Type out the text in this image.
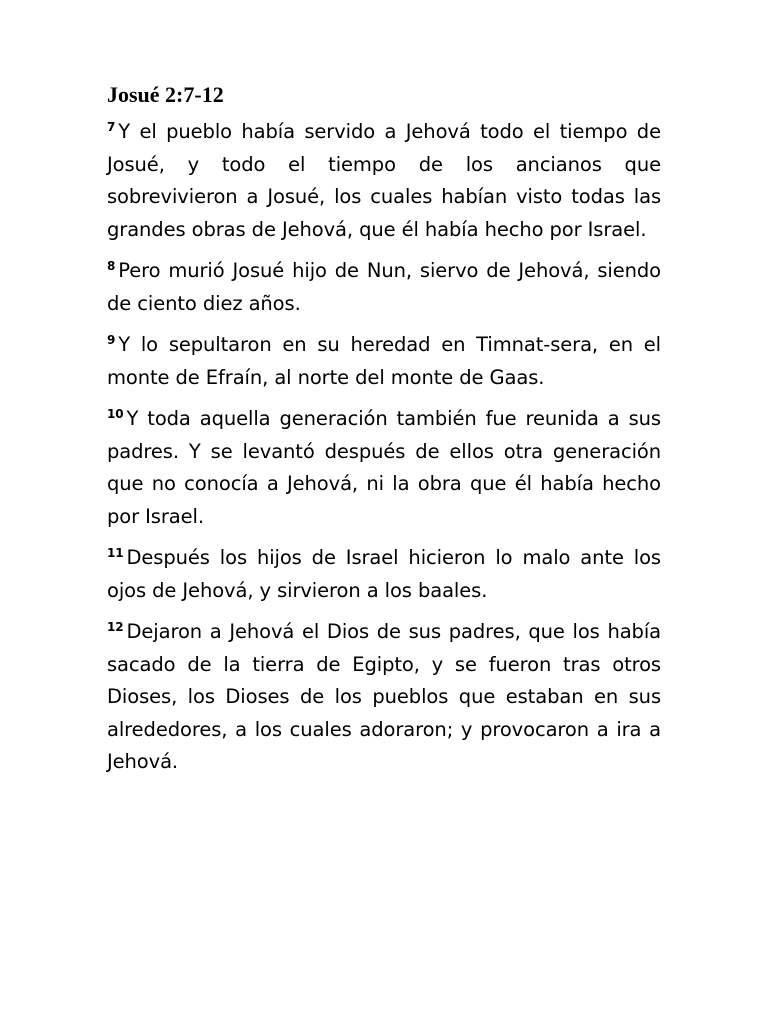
Josué 2:7-12

$^7$ Y el pueblo había servido a Jehová todo el tiempo de Josué, y todo el tiempo de los ancianos que sobrevivieron a Josué, los cuales habían visto todas las grandes obras de Jehová, que él había hecho por Israel.

$^8$ Pero murió Josué hijo de Nun, siervo de Jehová, siendo de ciento diez años.

$^9$ Y lo sepultaron en su heredad en Timnat-sera, en el monte de Efraín, al norte del monte de Gaas.

$^{10}$ Y toda aquella generación también fue reunida a sus padres. Y se levantó después de ellos otra generación que no conocía a Jehová, ni la obra que él había hecho por Israel.

$^{11}$ Después los hijos de Israel hicieron lo malo ante los ojos de Jehová, y sirvieron a los baales.

$^{12}$ Dejaron a Jehová el Dios de sus padres, que los había sacado de la tierra de Egipto, y se fueron tras otros Dioses, los Dioses de los pueblos que estaban en sus alrededores, a los cuales adoraron; y provocaron a ira a Jehová.
